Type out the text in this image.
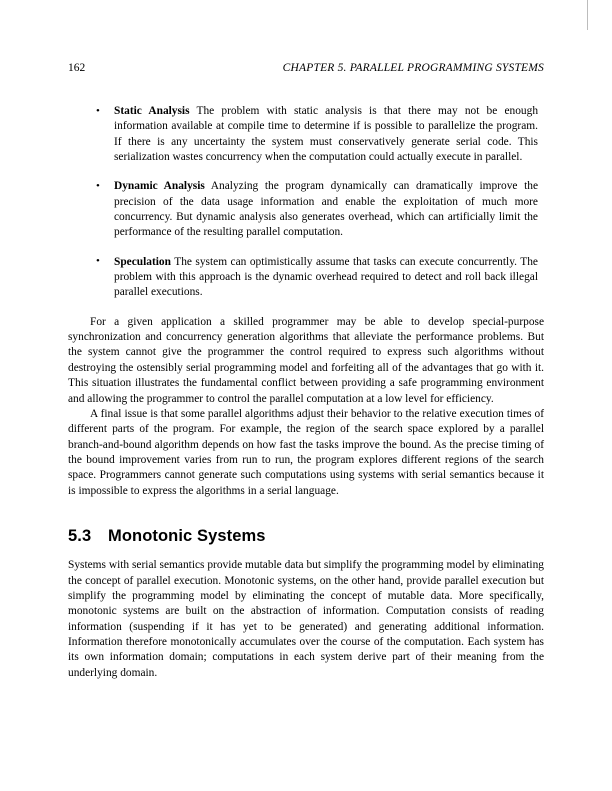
162	CHAPTER 5. PARALLEL PROGRAMMING SYSTEMS
• Static Analysis The problem with static analysis is that there may not be enough information available at compile time to determine if is possible to parallelize the program. If there is any uncertainty the system must conservatively generate serial code. This serialization wastes concurrency when the computation could actually execute in parallel.
• Dynamic Analysis Analyzing the program dynamically can dramatically improve the precision of the data usage information and enable the exploitation of much more concurrency. But dynamic analysis also generates overhead, which can artificially limit the performance of the resulting parallel computation.
• Speculation The system can optimistically assume that tasks can execute concurrently. The problem with this approach is the dynamic overhead required to detect and roll back illegal parallel executions.

For a given application a skilled programmer may be able to develop special-purpose synchronization and concurrency generation algorithms that alleviate the performance problems. But the system cannot give the programmer the control required to express such algorithms without destroying the ostensibly serial programming model and forfeiting all of the advantages that go with it. This situation illustrates the fundamental conflict between providing a safe programming environment and allowing the programmer to control the parallel computation at a low level for efficiency.

A final issue is that some parallel algorithms adjust their behavior to the relative execution times of different parts of the program. For example, the region of the search space explored by a parallel branch-and-bound algorithm depends on how fast the tasks improve the bound. As the precise timing of the bound improvement varies from run to run, the program explores different regions of the search space. Programmers cannot generate such computations using systems with serial semantics because it is impossible to express the algorithms in a serial language.

5.3 Monotonic Systems

Systems with serial semantics provide mutable data but simplify the programming model by eliminating the concept of parallel execution. Monotonic systems, on the other hand, provide parallel execution but simplify the programming model by eliminating the concept of mutable data. More specifically, monotonic systems are built on the abstraction of information. Computation consists of reading information (suspending if it has yet to be generated) and generating additional information. Information therefore monotonically accumulates over the course of the computation. Each system has its own information domain; computations in each system derive part of their meaning from the underlying domain.
